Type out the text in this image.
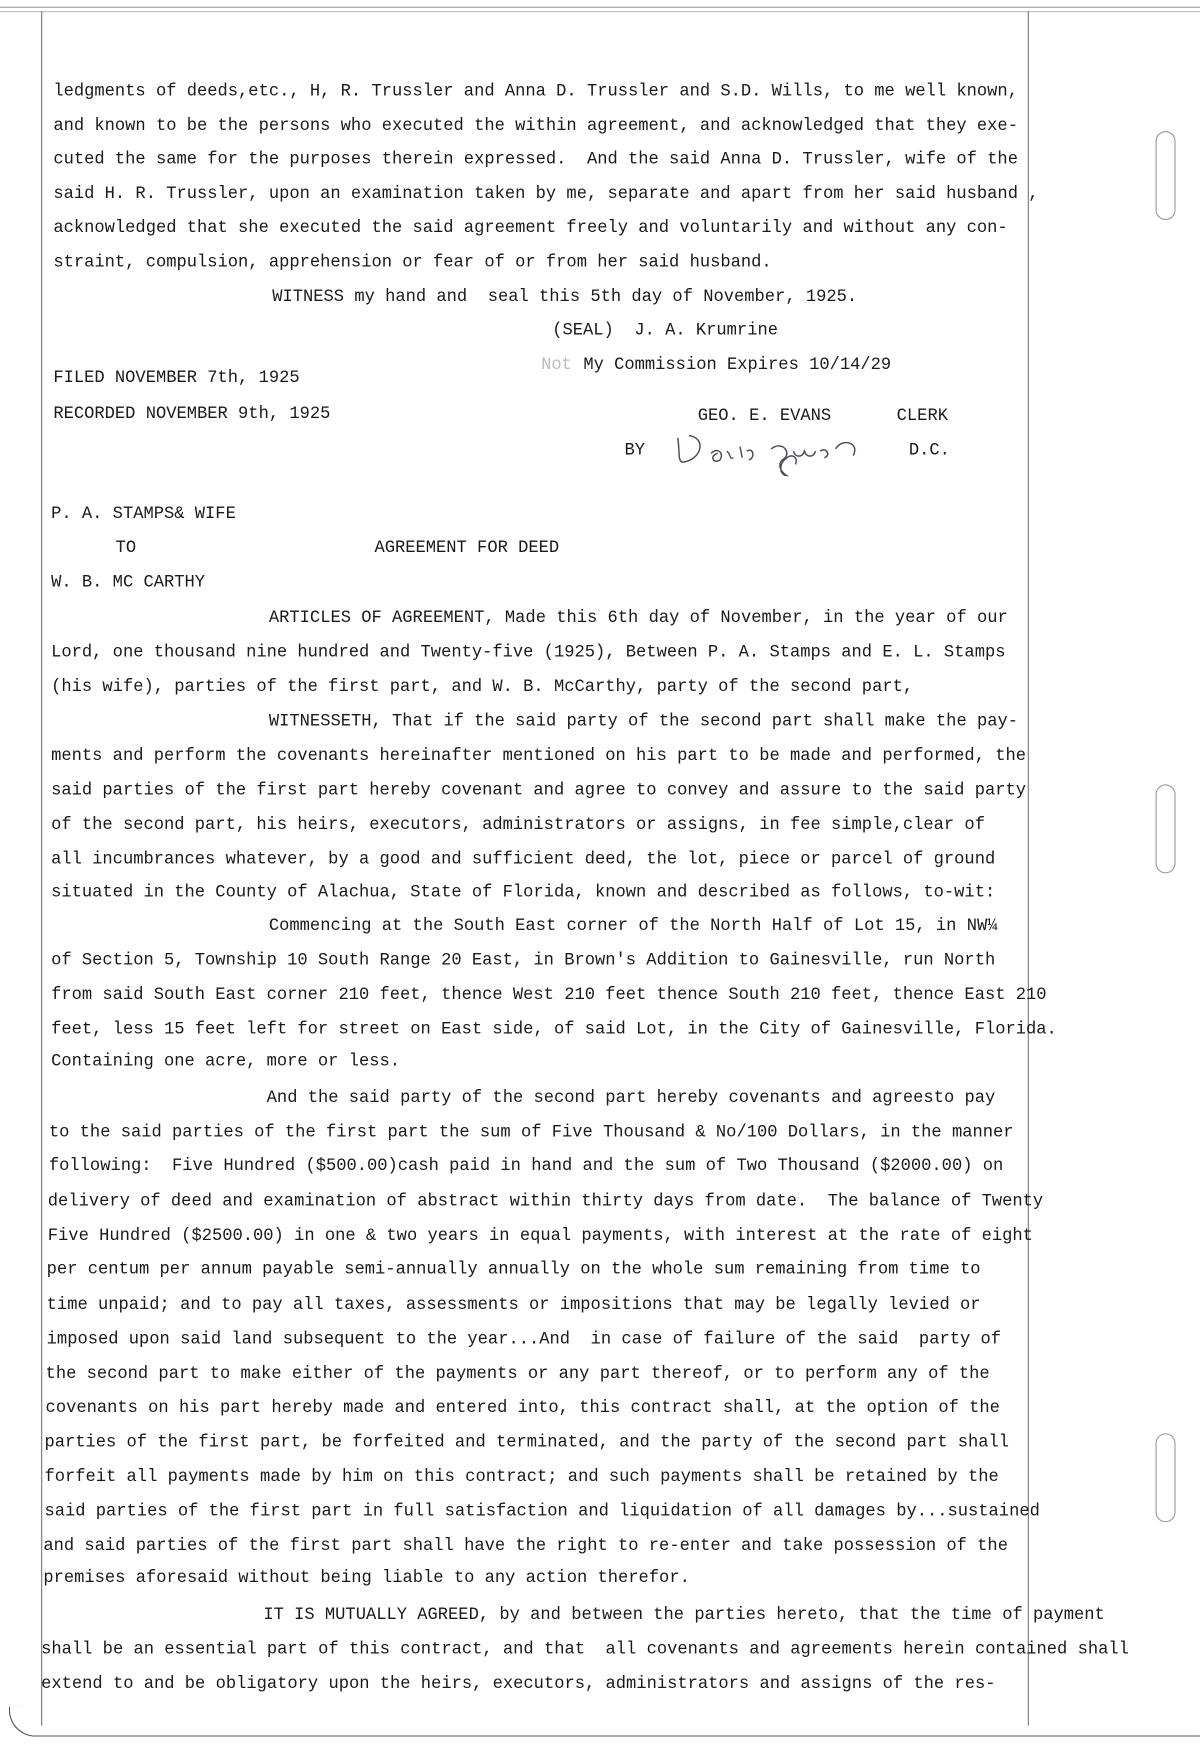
ledgments of deeds,etc., H, R. Trussler and Anna D. Trussler and S.D. Wills, to me well known,
and known to be the persons who executed the within agreement, and acknowledged that they exe-
cuted the same for the purposes therein expressed.  And the said Anna D. Trussler, wife of the
said H. R. Trussler, upon an examination taken by me, separate and apart from her said husband ,
acknowledged that she executed the said agreement freely and voluntarily and without any con-
straint, compulsion, apprehension or fear of or from her said husband.
WITNESS my hand and  seal this 5th day of November, 1925.
(SEAL)  J. A. Krumrine
Not My Commission Expires 10/14/29
FILED NOVEMBER 7th, 1925
RECORDED NOVEMBER 9th, 1925	GEO. E. EVANS	CLERK
BY	D.C.
P. A. STAMPS& WIFE
TO	AGREEMENT FOR DEED
W. B. MC CARTHY
ARTICLES OF AGREEMENT, Made this 6th day of November, in the year of our
Lord, one thousand nine hundred and Twenty-five (1925), Between P. A. Stamps and E. L. Stamps
(his wife), parties of the first part, and W. B. McCarthy, party of the second part,
WITNESSETH, That if the said party of the second part shall make the pay-
ments and perform the covenants hereinafter mentioned on his part to be made and performed, the
said parties of the first part hereby covenant and agree to convey and assure to the said party
of the second part, his heirs, executors, administrators or assigns, in fee simple,clear of
all incumbrances whatever, by a good and sufficient deed, the lot, piece or parcel of ground
situated in the County of Alachua, State of Florida, known and described as follows, to-wit:
Commencing at the South East corner of the North Half of Lot 15, in NW¼
of Section 5, Township 10 South Range 20 East, in Brown's Addition to Gainesville, run North
from said South East corner 210 feet, thence West 210 feet thence South 210 feet, thence East 210
feet, less 15 feet left for street on East side, of said Lot, in the City of Gainesville, Florida.
Containing one acre, more or less.
And the said party of the second part hereby covenants and agreesto pay
to the said parties of the first part the sum of Five Thousand & No/100 Dollars, in the manner
following:  Five Hundred ($500.00)cash paid in hand and the sum of Two Thousand ($2000.00) on
delivery of deed and examination of abstract within thirty days from date.  The balance of Twenty
Five Hundred ($2500.00) in one & two years in equal payments, with interest at the rate of eight
per centum per annum payable semi-annually annually on the whole sum remaining from time to
time unpaid; and to pay all taxes, assessments or impositions that may be legally levied or
imposed upon said land subsequent to the year...And  in case of failure of the said  party of
the second part to make either of the payments or any part thereof, or to perform any of the
covenants on his part hereby made and entered into, this contract shall, at the option of the
parties of the first part, be forfeited and terminated, and the party of the second part shall
forfeit all payments made by him on this contract; and such payments shall be retained by the
said parties of the first part in full satisfaction and liquidation of all damages by...sustained
and said parties of the first part shall have the right to re-enter and take possession of the
premises aforesaid without being liable to any action therefor.
IT IS MUTUALLY AGREED, by and between the parties hereto, that the time of payment
shall be an essential part of this contract, and that  all covenants and agreements herein contained shall
extend to and be obligatory upon the heirs, executors, administrators and assigns of the res-
